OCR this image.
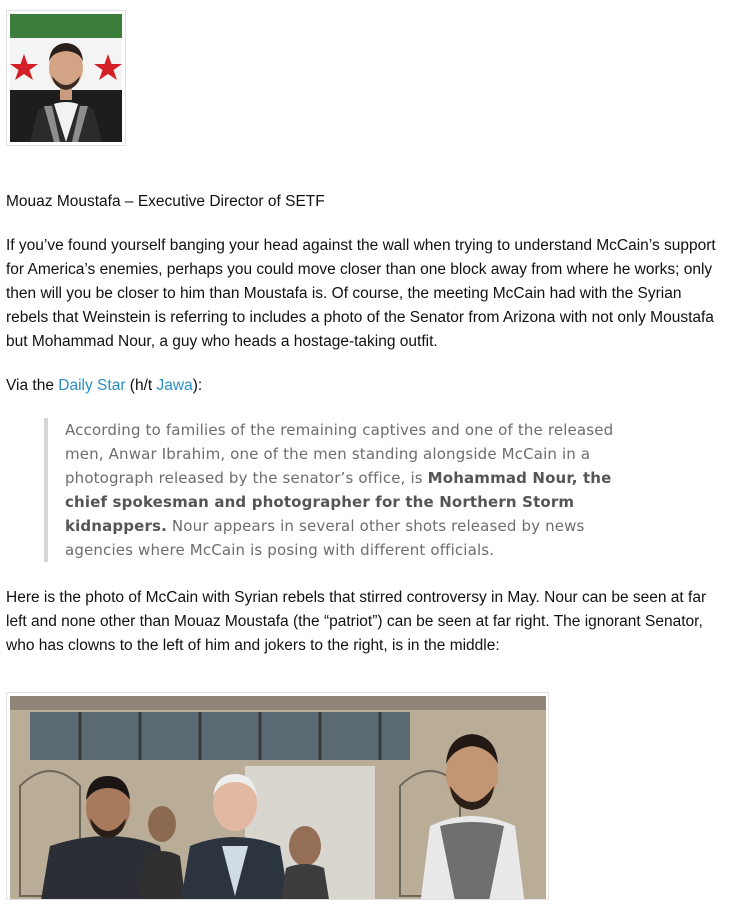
Mouaz Moustafa – Executive Director of SETF

If you’ve found yourself banging your head against the wall when trying to understand McCain’s support for America’s enemies, perhaps you could move closer than one block away from where he works; only then will you be closer to him than Moustafa is. Of course, the meeting McCain had with the Syrian rebels that Weinstein is referring to includes a photo of the Senator from Arizona with not only Moustafa but Mohammad Nour, a guy who heads a hostage-taking outfit.

Via the Daily Star (h/t Jawa):

According to families of the remaining captives and one of the released men, Anwar Ibrahim, one of the men standing alongside McCain in a photograph released by the senator’s office, is Mohammad Nour, the chief spokesman and photographer for the Northern Storm kidnappers. Nour appears in several other shots released by news agencies where McCain is posing with different officials.

Here is the photo of McCain with Syrian rebels that stirred controversy in May. Nour can be seen at far left and none other than Mouaz Moustafa (the “patriot”) can be seen at far right. The ignorant Senator, who has clowns to the left of him and jokers to the right, is in the middle:
